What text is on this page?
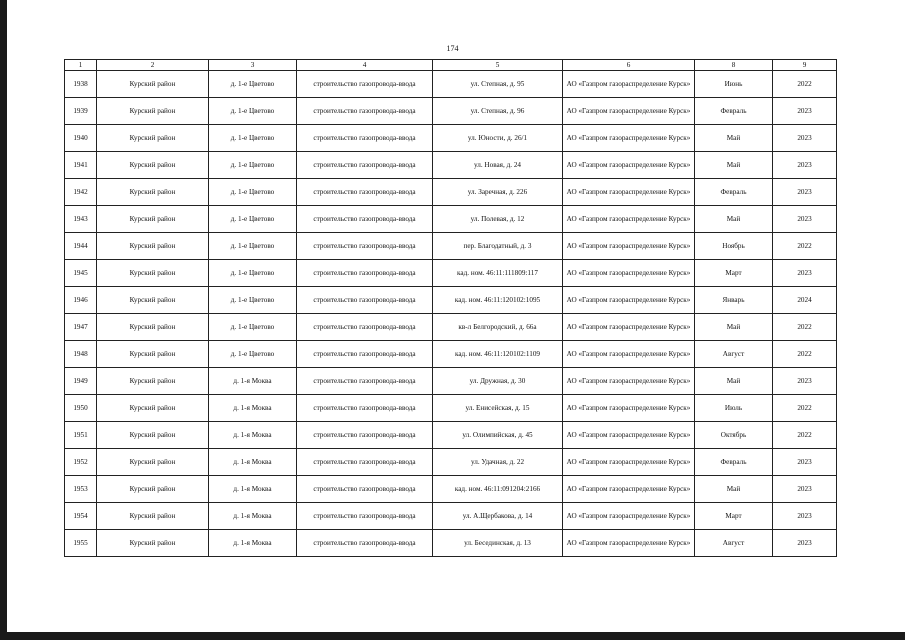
174
1	2	3	4	5	6	8	9
1938	Курский район	д. 1-е Цветово	строительство газопровода-ввода	ул. Степная, д. 95	АО «Газпром газораспределение Курск»	Июнь	2022
1939	Курский район	д. 1-е Цветово	строительство газопровода-ввода	ул. Степная, д. 96	АО «Газпром газораспределение Курск»	Февраль	2023
1940	Курский район	д. 1-е Цветово	строительство газопровода-ввода	ул. Юности, д. 26/1	АО «Газпром газораспределение Курск»	Май	2023
1941	Курский район	д. 1-е Цветово	строительство газопровода-ввода	ул. Новая, д. 24	АО «Газпром газораспределение Курск»	Май	2023
1942	Курский район	д. 1-е Цветово	строительство газопровода-ввода	ул. Заречная, д. 226	АО «Газпром газораспределение Курск»	Февраль	2023
1943	Курский район	д. 1-е Цветово	строительство газопровода-ввода	ул. Полевая, д. 12	АО «Газпром газораспределение Курск»	Май	2023
1944	Курский район	д. 1-е Цветово	строительство газопровода-ввода	пер. Благодатный, д. 3	АО «Газпром газораспределение Курск»	Ноябрь	2022
1945	Курский район	д. 1-е Цветово	строительство газопровода-ввода	кад. ном. 46:11:111809:117	АО «Газпром газораспределение Курск»	Март	2023
1946	Курский район	д. 1-е Цветово	строительство газопровода-ввода	кад. ном. 46:11:120102:1095	АО «Газпром газораспределение Курск»	Январь	2024
1947	Курский район	д. 1-е Цветово	строительство газопровода-ввода	кв-л Белгородский, д. 66а	АО «Газпром газораспределение Курск»	Май	2022
1948	Курский район	д. 1-е Цветово	строительство газопровода-ввода	кад. ном. 46:11:120102:1109	АО «Газпром газораспределение Курск»	Август	2022
1949	Курский район	д. 1-я Моква	строительство газопровода-ввода	ул. Дружная, д. 30	АО «Газпром газораспределение Курск»	Май	2023
1950	Курский район	д. 1-я Моква	строительство газопровода-ввода	ул. Енисейская, д. 15	АО «Газпром газораспределение Курск»	Июль	2022
1951	Курский район	д. 1-я Моква	строительство газопровода-ввода	ул. Олимпийская, д. 45	АО «Газпром газораспределение Курск»	Октябрь	2022
1952	Курский район	д. 1-я Моква	строительство газопровода-ввода	ул. Удачная, д. 22	АО «Газпром газораспределение Курск»	Февраль	2023
1953	Курский район	д. 1-я Моква	строительство газопровода-ввода	кад. ном. 46:11:091204:2166	АО «Газпром газораспределение Курск»	Май	2023
1954	Курский район	д. 1-я Моква	строительство газопровода-ввода	ул. А.Щербакова, д. 14	АО «Газпром газораспределение Курск»	Март	2023
1955	Курский район	д. 1-я Моква	строительство газопровода-ввода	ул. Бесединская, д. 13	АО «Газпром газораспределение Курск»	Август	2023
